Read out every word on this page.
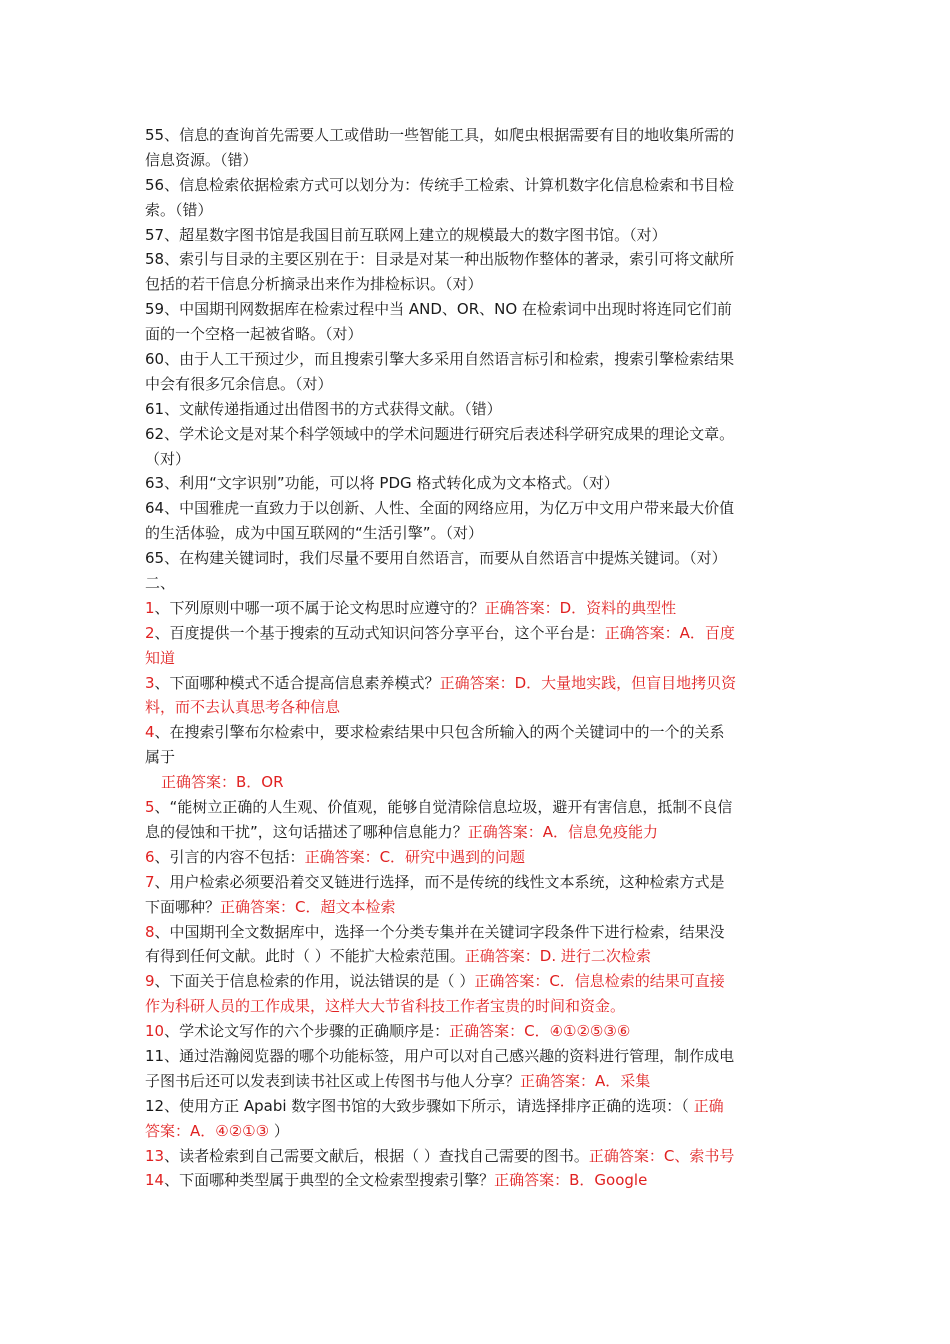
55、信息的查询首先需要人工或借助一些智能工具，如爬虫根据需要有目的地收集所需的
信息资源。（错）
56、信息检索依据检索方式可以划分为：传统手工检索、计算机数字化信息检索和书目检
索。（错）
57、超星数字图书馆是我国目前互联网上建立的规模最大的数字图书馆。（对）
58、索引与目录的主要区别在于：目录是对某一种出版物作整体的著录，索引可将文献所
包括的若干信息分析摘录出来作为排检标识。（对）
59、中国期刊网数据库在检索过程中当 AND、OR、NO 在检索词中出现时将连同它们前
面的一个空格一起被省略。（对）
60、由于人工干预过少，而且搜索引擎大多采用自然语言标引和检索，搜索引擎检索结果
中会有很多冗余信息。（对）
61、文献传递指通过出借图书的方式获得文献。（错）
62、学术论文是对某个科学领域中的学术问题进行研究后表述科学研究成果的理论文章。
（对）
63、利用“文字识别”功能，可以将 PDG 格式转化成为文本格式。（对）
64、中国雅虎一直致力于以创新、人性、全面的网络应用，为亿万中文用户带来最大价值
的生活体验，成为中国互联网的“生活引擎”。（对）
65、在构建关键词时，我们尽量不要用自然语言，而要从自然语言中提炼关键词。（对）
二、
1、下列原则中哪一项不属于论文构思时应遵守的？正确答案：D．资料的典型性
2、百度提供一个基于搜索的互动式知识问答分享平台，这个平台是：正确答案：A．百度
知道
3、下面哪种模式不适合提高信息素养模式？正确答案：D．大量地实践，但盲目地拷贝资
料，而不去认真思考各种信息
4、在搜索引擎布尔检索中，要求检索结果中只包含所输入的两个关键词中的一个的关系
属于
正确答案：B．OR
5、“能树立正确的人生观、价值观，能够自觉清除信息垃圾，避开有害信息，抵制不良信
息的侵蚀和干扰”，这句话描述了哪种信息能力？正确答案：A．信息免疫能力
6、引言的内容不包括：正确答案：C．研究中遇到的问题
7、用户检索必须要沿着交叉链进行选择，而不是传统的线性文本系统，这种检索方式是
下面哪种？正确答案：C．超文本检索
8、中国期刊全文数据库中，选择一个分类专集并在关键词字段条件下进行检索，结果没
有得到任何文献。此时（ ）不能扩大检索范围。正确答案：D. 进行二次检索
9、下面关于信息检索的作用，说法错误的是（ ）正确答案：C．信息检索的结果可直接
作为科研人员的工作成果，这样大大节省科技工作者宝贵的时间和资金。
10、学术论文写作的六个步骤的正确顺序是：正确答案：C．④①②⑤③⑥
11、通过浩瀚阅览器的哪个功能标签，用户可以对自己感兴趣的资料进行管理，制作成电
子图书后还可以发表到读书社区或上传图书与他人分享？正确答案：A．采集
12、使用方正 Apabi 数字图书馆的大致步骤如下所示，请选择排序正确的选项：（ 正确
答案：A．④②①③ ）
13、读者检索到自己需要文献后，根据（ ）查找自己需要的图书。正确答案：C、索书号
14、下面哪种类型属于典型的全文检索型搜索引擎？正确答案：B．Google
